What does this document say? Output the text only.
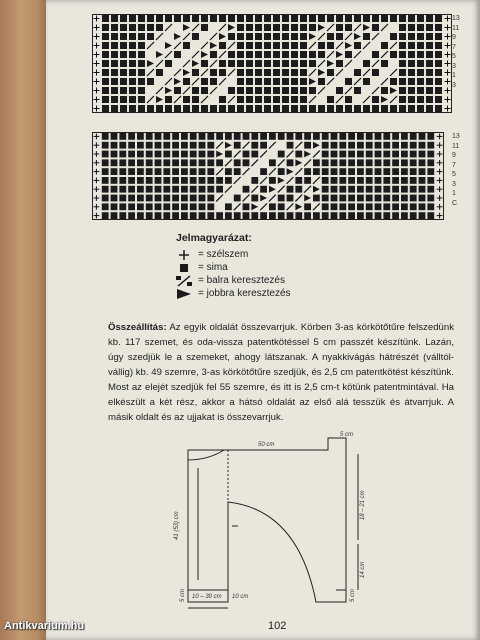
13
11
9
7
5
3
1
3
13
11
9
7
5
3
1
C
Jelmagyarázat:
= szélszem
= sima
= balra keresztezés
= jobbra keresztezés
Összeállítás: Az egyik oldalát összevarrjuk. Körben 3-as körkötőtűre felszedünk kb. 117 szemet, és oda-vissza patentkötéssel 5 cm passzét készítünk. Lazán, úgy szedjük le a szemeket, ahogy látszanak. A nyakkivágás hátrészét (válltól-vállig) kb. 49 szemre, 3-as körkötőtűre szedjük, és 2,5 cm patentkötést készítünk. Most az elejét szedjük fel 55 szemre, és itt is 2,5 cm-t kötünk patentmintával. Ha elkészült a két rész, akkor a hátsó oldalát az első alá tesszük és átvarrjuk. A másik oldalt és az ujjakat is összevarrjuk.
50 cm
41 (53) cm
18 – 21 cm
14 cm
5 cm
10 – 30 cm 10 cm
5 cm	5 cm
102
Antikvarium.hu
